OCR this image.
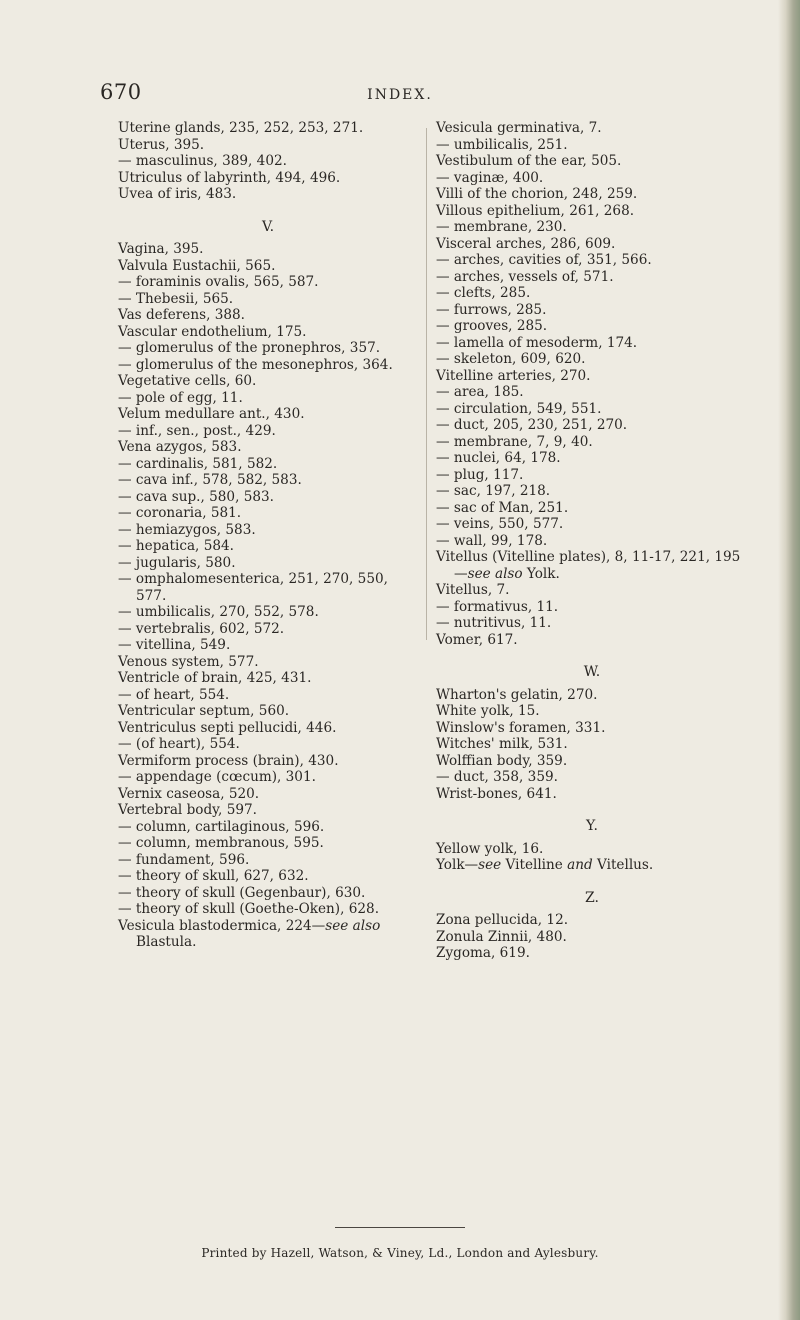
670	INDEX.
Uterine glands, 235, 252, 253, 271.
Uterus, 395.
— masculinus, 389, 402.
Utriculus of labyrinth, 494, 496.
Uvea of iris, 483.
V.
Vagina, 395.
Valvula Eustachii, 565.
— foraminis ovalis, 565, 587.
— Thebesii, 565.
Vas deferens, 388.
Vascular endothelium, 175.
— glomerulus of the pronephros, 357.
— glomerulus of the mesonephros, 364.
Vegetative cells, 60.
— pole of egg, 11.
Velum medullare ant., 430.
— inf., sen., post., 429.
Vena azygos, 583.
— cardinalis, 581, 582.
— cava inf., 578, 582, 583.
— cava sup., 580, 583.
— coronaria, 581.
— hemiazygos, 583.
— hepatica, 584.
— jugularis, 580.
— omphalomesenterica, 251, 270, 550, 577.
— umbilicalis, 270, 552, 578.
— vertebralis, 602, 572.
— vitellina, 549.
Venous system, 577.
Ventricle of brain, 425, 431.
— of heart, 554.
Ventricular septum, 560.
Ventriculus septi pellucidi, 446.
— (of heart), 554.
Vermiform process (brain), 430.
— appendage (cœcum), 301.
Vernix caseosa, 520.
Vertebral body, 597.
— column, cartilaginous, 596.
— column, membranous, 595.
— fundament, 596.
— theory of skull, 627, 632.
— theory of skull (Gegenbaur), 630.
— theory of skull (Goethe-Oken), 628.
Vesicula blastodermica, 224—see also Blastula.
Vesicula germinativa, 7.
— umbilicalis, 251.
Vestibulum of the ear, 505.
— vaginæ, 400.
Villi of the chorion, 248, 259.
Villous epithelium, 261, 268.
— membrane, 230.
Visceral arches, 286, 609.
— arches, cavities of, 351, 566.
— arches, vessels of, 571.
— clefts, 285.
— furrows, 285.
— grooves, 285.
— lamella of mesoderm, 174.
— skeleton, 609, 620.
Vitelline arteries, 270.
— area, 185.
— circulation, 549, 551.
— duct, 205, 230, 251, 270.
— membrane, 7, 9, 40.
— nuclei, 64, 178.
— plug, 117.
— sac, 197, 218.
— sac of Man, 251.
— veins, 550, 577.
— wall, 99, 178.
Vitellus (Vitelline plates), 8, 11-17, 221, 195—see also Yolk.
Vitellus, 7.
— formativus, 11.
— nutritivus, 11.
Vomer, 617.
W.
Wharton's gelatin, 270.
White yolk, 15.
Winslow's foramen, 331.
Witches' milk, 531.
Wolffian body, 359.
— duct, 358, 359.
Wrist-bones, 641.
Y.
Yellow yolk, 16.
Yolk—see Vitelline and Vitellus.
Z.
Zona pellucida, 12.
Zonula Zinnii, 480.
Zygoma, 619.
Printed by Hazell, Watson, & Viney, Ld., London and Aylesbury.
